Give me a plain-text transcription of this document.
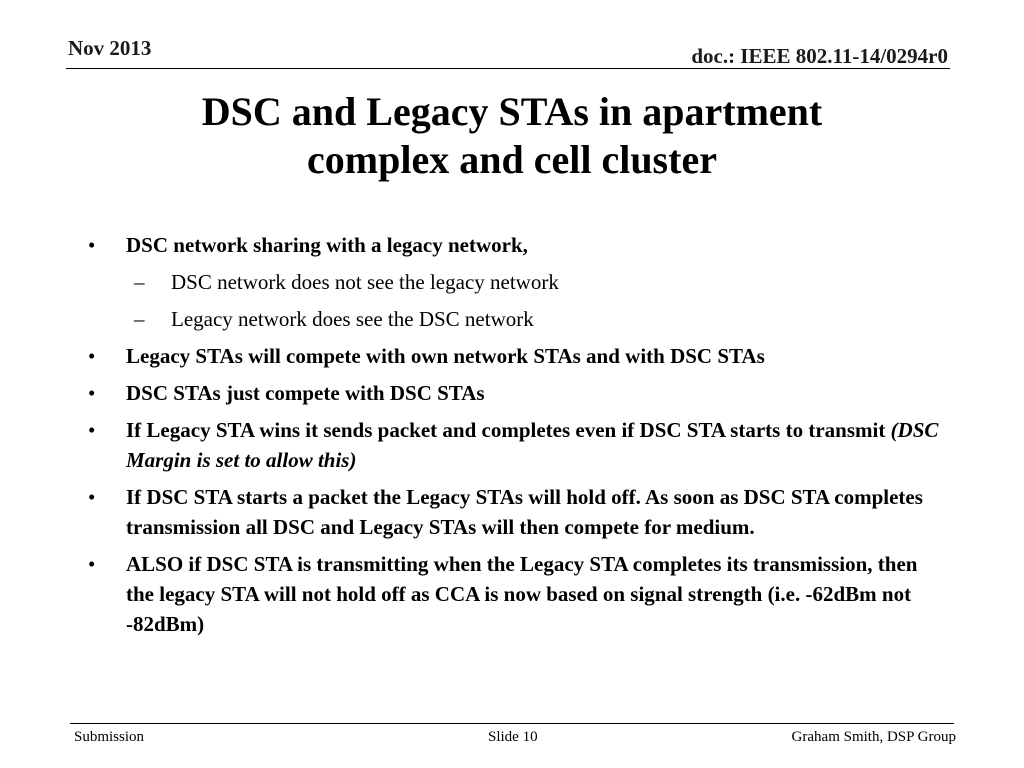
Nov 2013	doc.: IEEE 802.11-14/0294r0
DSC and Legacy STAs in apartment
complex and cell cluster
• DSC network sharing with a legacy network,
– DSC network does not see the legacy network
– Legacy network does see the DSC network
• Legacy STAs will compete with own network STAs and with DSC STAs
• DSC STAs just compete with DSC STAs
• If Legacy STA wins it sends packet and completes even if DSC STA starts to transmit (DSC Margin is set to allow this)
• If DSC STA starts a packet the Legacy STAs will hold off. As soon as DSC STA completes transmission all DSC and Legacy STAs will then compete for medium.
• ALSO if DSC STA is transmitting when the Legacy STA completes its transmission, then the legacy STA will not hold off as CCA is now based on signal strength (i.e. -62dBm not -82dBm)
Submission	Slide 10	Graham Smith, DSP Group
